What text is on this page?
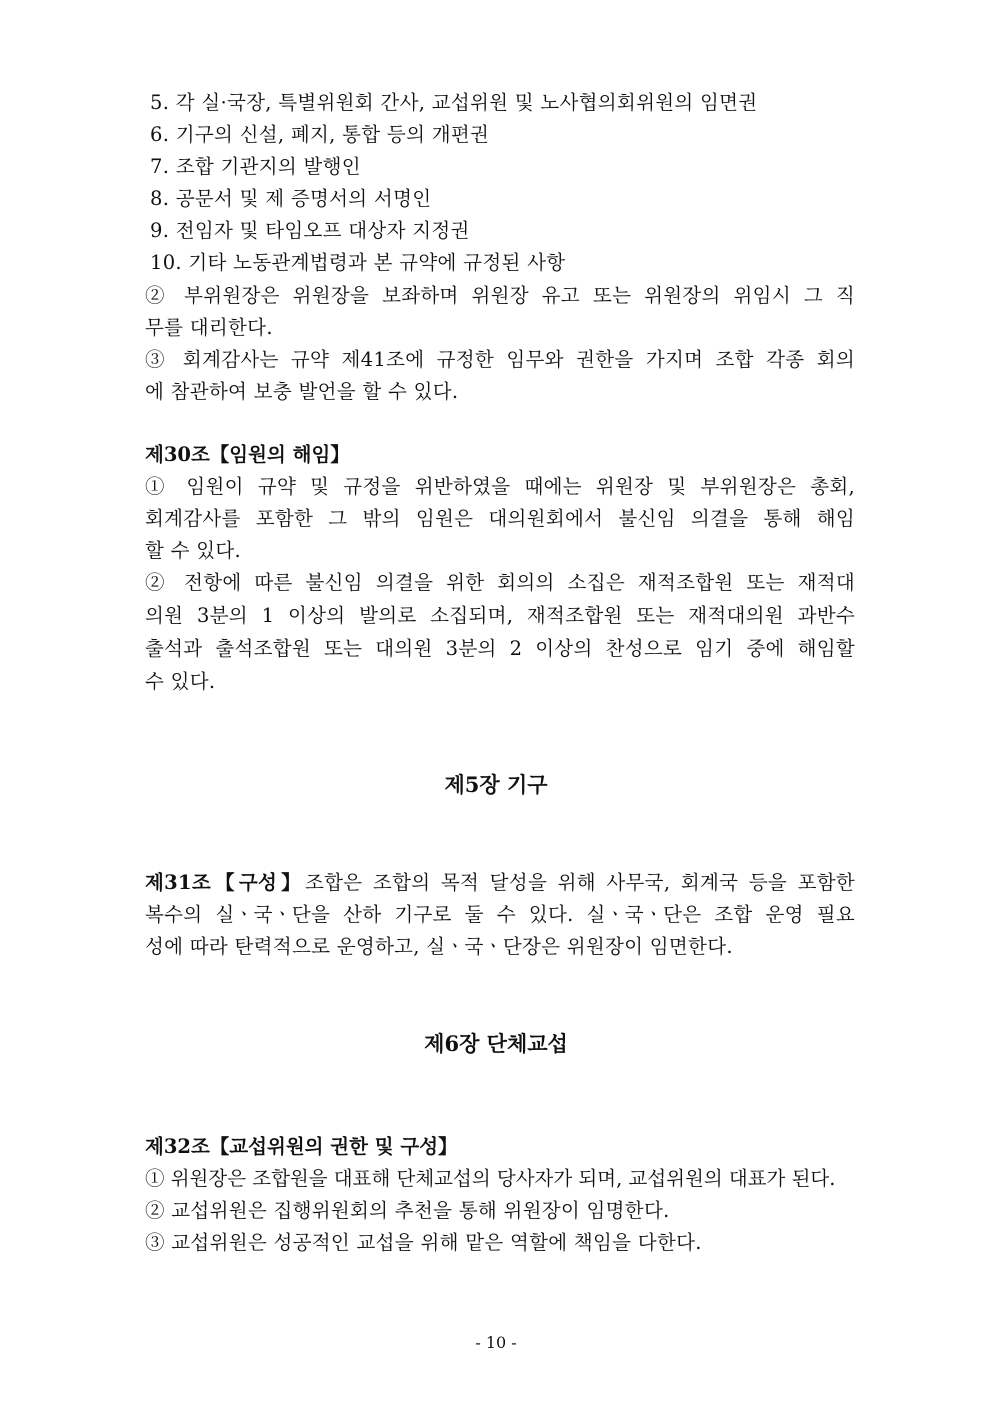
5. 각 실·국장, 특별위원회 간사, 교섭위원 및 노사협의회위원의 임면권
6. 기구의 신설, 폐지, 통합 등의 개편권
7. 조합 기관지의 발행인
8. 공문서 및 제 증명서의 서명인
9. 전임자 및 타임오프 대상자 지정권
10. 기타 노동관계법령과 본 규약에 규정된 사항
② 부위원장은 위원장을 보좌하며 위원장 유고 또는 위원장의 위임시 그 직
무를 대리한다.
③ 회계감사는 규약 제41조에 규정한 임무와 권한을 가지며 조합 각종 회의
에 참관하여 보충 발언을 할 수 있다.
제30조【임원의 해임】
① 임원이 규약 및 규정을 위반하였을 때에는 위원장 및 부위원장은 총회,
회계감사를 포함한 그 밖의 임원은 대의원회에서 불신임 의결을 통해 해임
할 수 있다.
② 전항에 따른 불신임 의결을 위한 회의의 소집은 재적조합원 또는 재적대
의원 3분의 1 이상의 발의로 소집되며, 재적조합원 또는 재적대의원 과반수
출석과 출석조합원 또는 대의원 3분의 2 이상의 찬성으로 임기 중에 해임할
수 있다.
제5장 기구
제31조【구성】조합은 조합의 목적 달성을 위해 사무국, 회계국 등을 포함한
복수의 실ㆍ국ㆍ단을 산하 기구로 둘 수 있다. 실ㆍ국ㆍ단은 조합 운영 필요
성에 따라 탄력적으로 운영하고, 실ㆍ국ㆍ단장은 위원장이 임면한다.
제6장 단체교섭
제32조【교섭위원의 권한 및 구성】
① 위원장은 조합원을 대표해 단체교섭의 당사자가 되며, 교섭위원의 대표가 된다.
② 교섭위원은 집행위원회의 추천을 통해 위원장이 임명한다.
③ 교섭위원은 성공적인 교섭을 위해 맡은 역할에 책임을 다한다.
- 10 -
